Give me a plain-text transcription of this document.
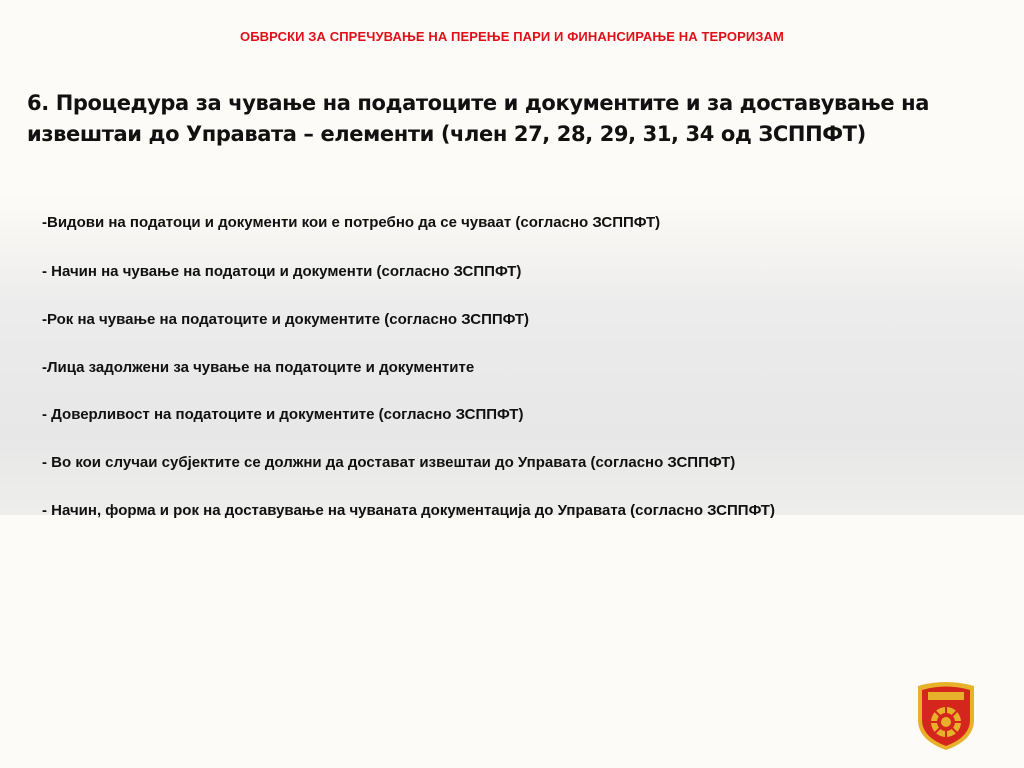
ОБВРСКИ ЗА СПРЕЧУВАЊЕ НА ПЕРЕЊЕ ПАРИ И ФИНАНСИРАЊЕ НА ТЕРОРИЗАМ
6. Процедура за чување на податоците и документите и за доставување на извештаи до Управата – елементи (член 27, 28, 29, 31, 34 од ЗСППФТ)
-Видови на податоци и документи кои е потребно да се чуваат (согласно ЗСППФТ)
- Начин на чување на податоци и документи (согласно ЗСППФТ)
-Рок на чување на податоците и документите (согласно ЗСППФТ)
-Лица задолжени за чување на податоците и документите
- Доверливост на податоците и документите (согласно ЗСППФТ)
- Во кои случаи субјектите се должни да доставaт извештаи до Управата (согласно ЗСППФТ)
- Начин, форма и рок на доставување на чуваната документација до Управата (согласно ЗСППФТ)
